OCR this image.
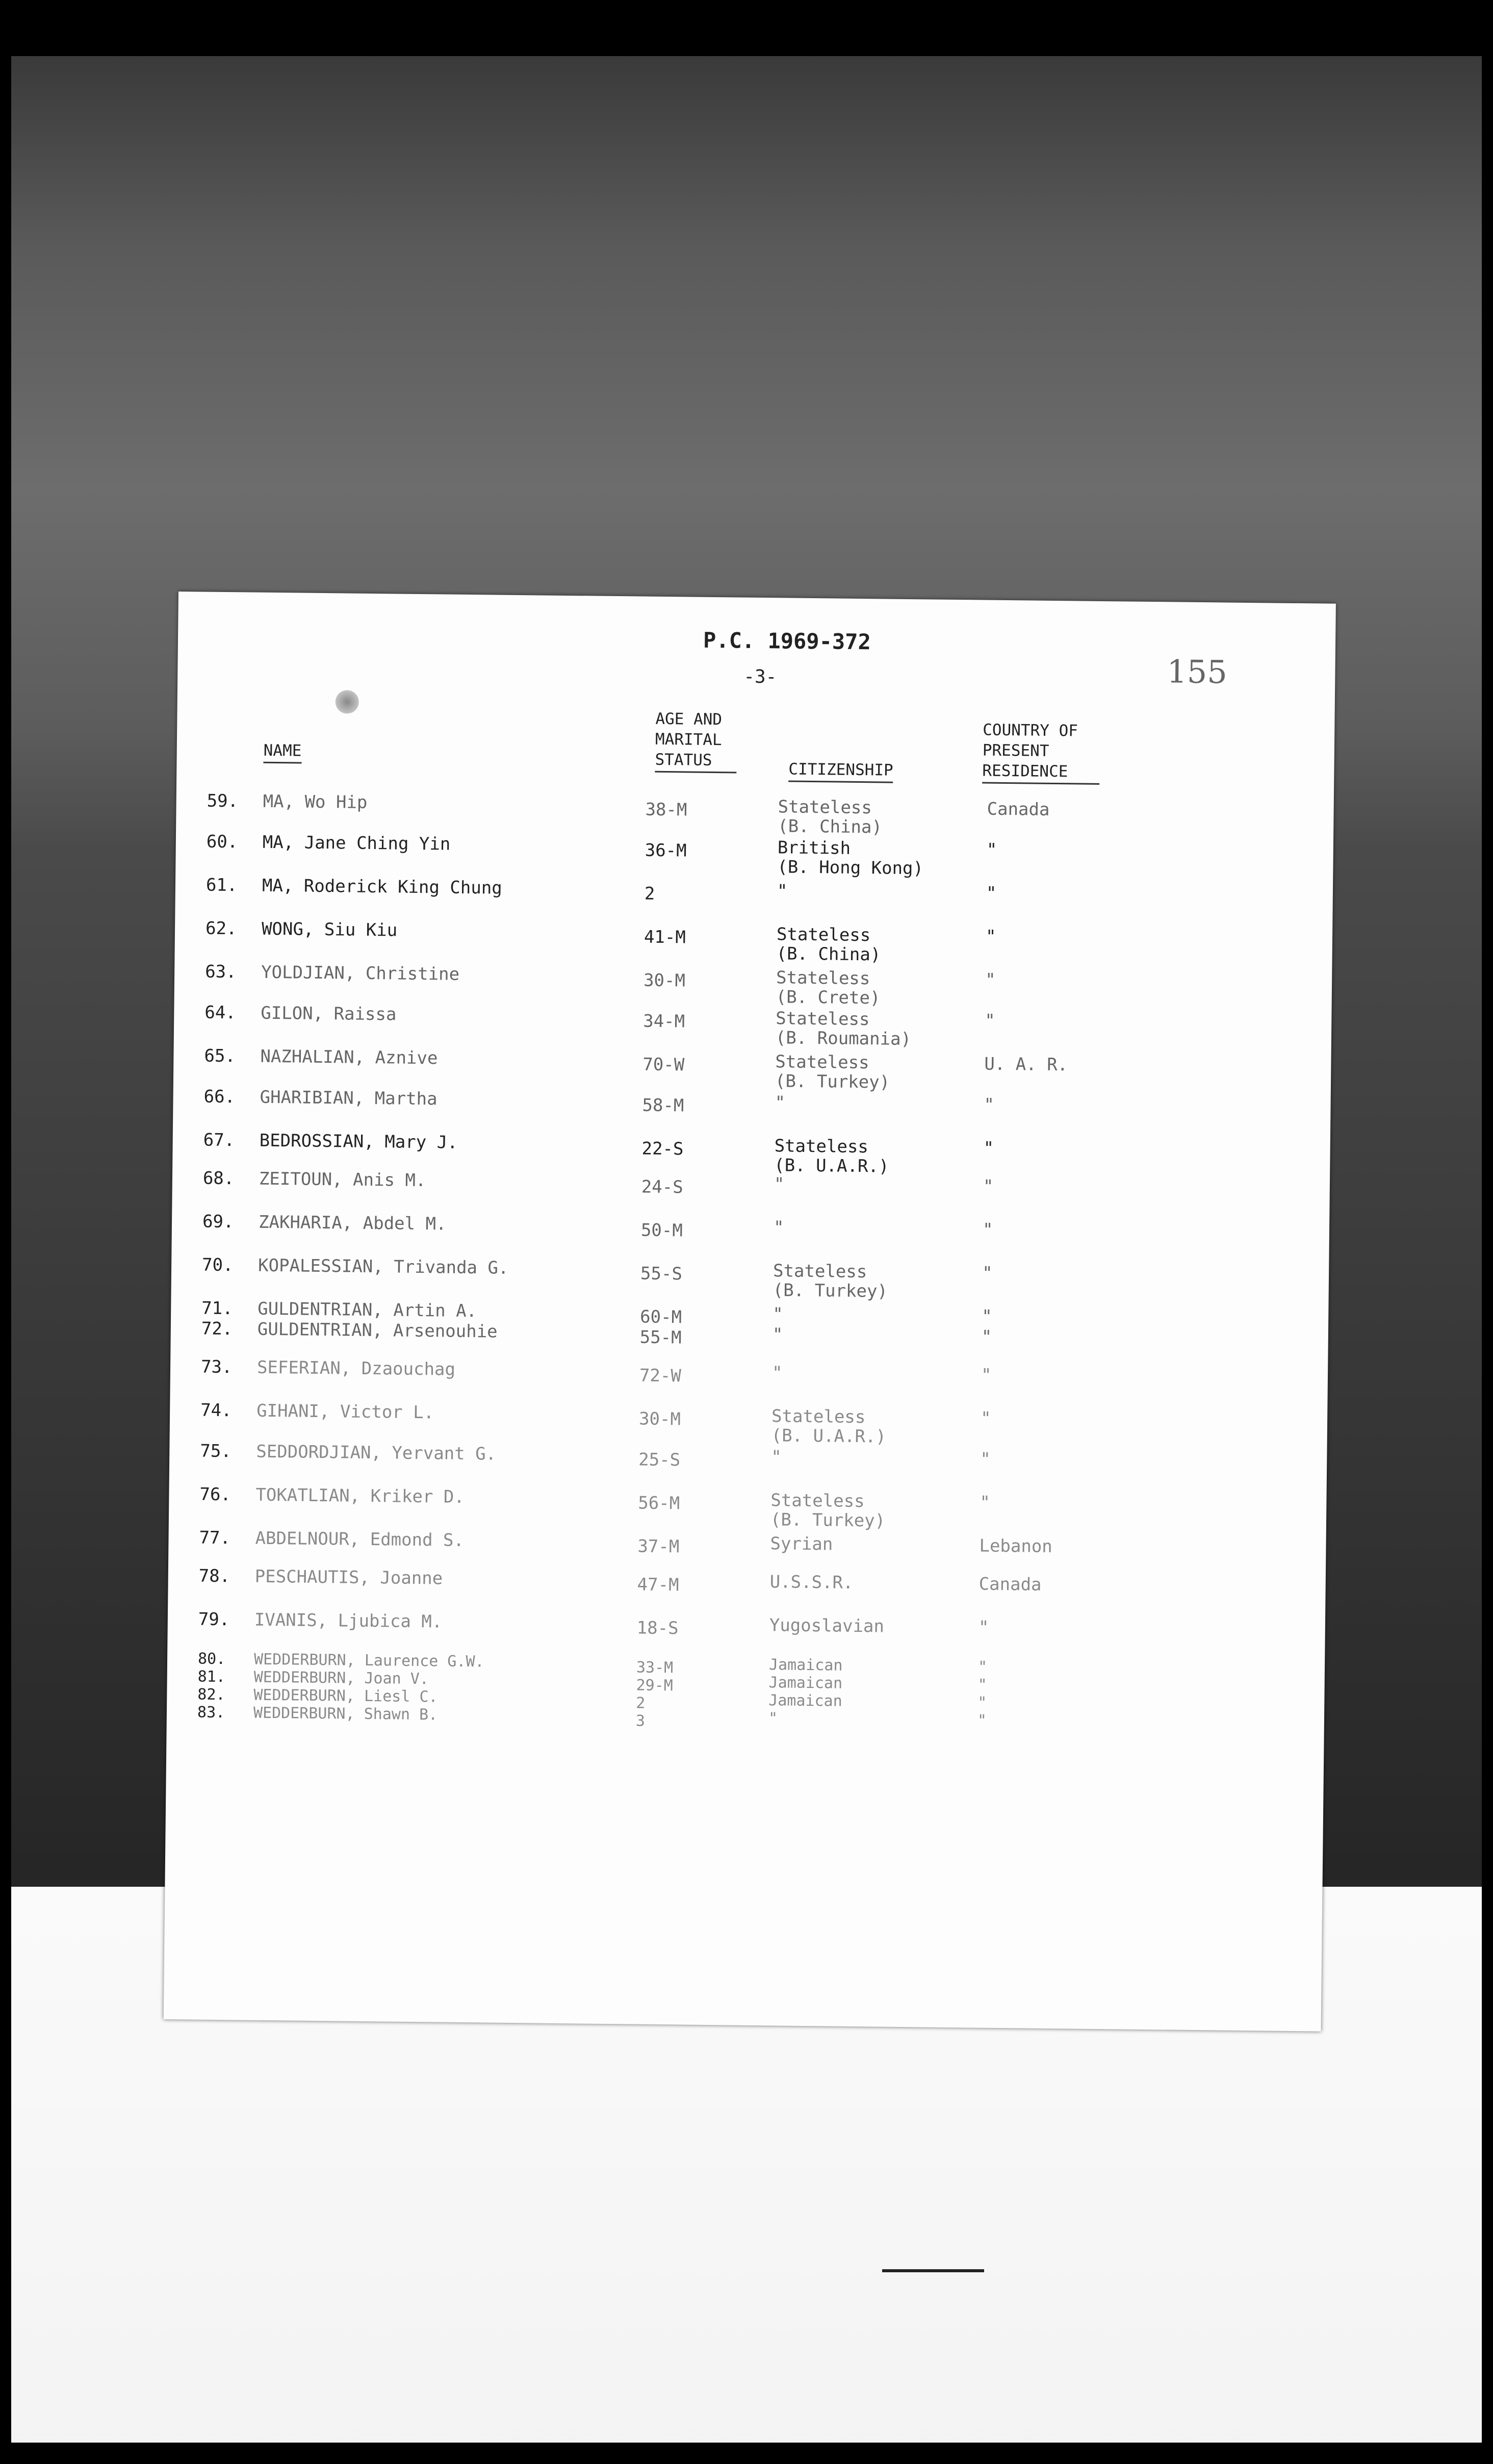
P.C. 1969-372
-3-	155
NAME
AGE AND MARITAL STATUS
CITIZENSHIP
COUNTRY OF PRESENT RESIDENCE
59. MA, Wo Hip	38-M	Stateless	Canada
(B. China)
60. MA, Jane Ching Yin	36-M	British	"
(B. Hong Kong)
61. MA, Roderick King Chung	2	"	"
62. WONG, Siu Kiu	41-M	Stateless	"
(B. China)
63. YOLDJIAN, Christine	30-M	Stateless	"
(B. Crete)
64. GILON, Raissa	34-M	Stateless	"
(B. Roumania)
65. NAZHALIAN, Aznive	70-W	Stateless	U. A. R.
(B. Turkey)
66. GHARIBIAN, Martha	58-M	"	"
67. BEDROSSIAN, Mary J.	22-S	Stateless	"
(B. U.A.R.)
68. ZEITOUN, Anis M.	24-S	"	"
69. ZAKHARIA, Abdel M.	50-M	"	"
70. KOPALESSIAN, Trivanda G.	55-S	Stateless	"
(B. Turkey)
71. GULDENTRIAN, Artin A.	60-M	"	"
72. GULDENTRIAN, Arsenouhie	55-M	"	"
73. SEFERIAN, Dzaouchag	72-W	"	"
74. GIHANI, Victor L.	30-M	Stateless	"
(B. U.A.R.)
75. SEDDORDJIAN, Yervant G.	25-S	"	"
76. TOKATLIAN, Kriker D.	56-M	Stateless	"
(B. Turkey)
77. ABDELNOUR, Edmond S.	37-M	Syrian	Lebanon
78. PESCHAUTIS, Joanne	47-M	U.S.S.R.	Canada
79. IVANIS, Ljubica M.	18-S	Yugoslavian	"
80. WEDDERBURN, Laurence G.W.	33-M	Jamaican	"
81. WEDDERBURN, Joan V.	29-M	Jamaican	"
82. WEDDERBURN, Liesl C.	2	Jamaican	"
83. WEDDERBURN, Shawn B.	3	"	"
